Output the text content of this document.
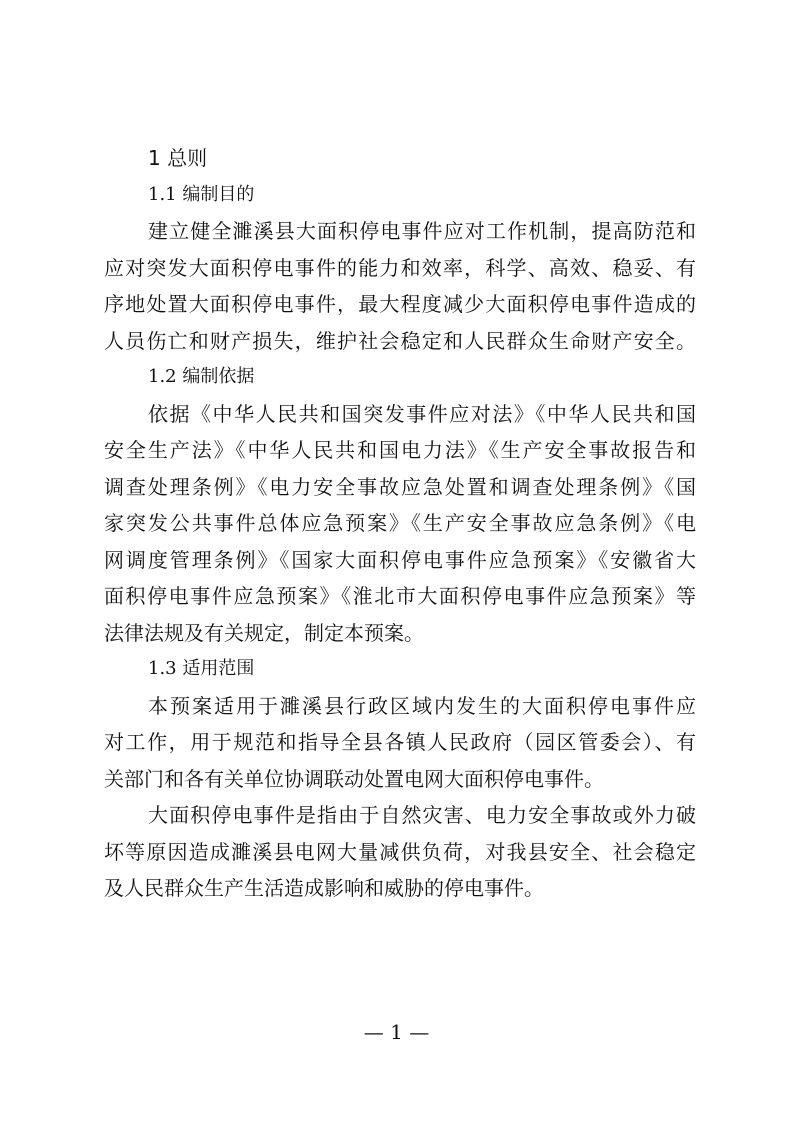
1 总则
1.1 编制目的
建立健全濉溪县大面积停电事件应对工作机制，提高防范和
应对突发大面积停电事件的能力和效率，科学、高效、稳妥、有
序地处置大面积停电事件，最大程度减少大面积停电事件造成的
人员伤亡和财产损失，维护社会稳定和人民群众生命财产安全。
1.2 编制依据
依据《中华人民共和国突发事件应对法》《中华人民共和国
安全生产法》《中华人民共和国电力法》《生产安全事故报告和
调查处理条例》《电力安全事故应急处置和调查处理条例》《国
家突发公共事件总体应急预案》《生产安全事故应急条例》《电
网调度管理条例》《国家大面积停电事件应急预案》《安徽省大
面积停电事件应急预案》《淮北市大面积停电事件应急预案》等
法律法规及有关规定，制定本预案。
1.3 适用范围
本预案适用于濉溪县行政区域内发生的大面积停电事件应
对工作，用于规范和指导全县各镇人民政府（园区管委会）、有
关部门和各有关单位协调联动处置电网大面积停电事件。
大面积停电事件是指由于自然灾害、电力安全事故或外力破
坏等原因造成濉溪县电网大量减供负荷，对我县安全、社会稳定
及人民群众生产生活造成影响和威胁的停电事件。
— 1 —
